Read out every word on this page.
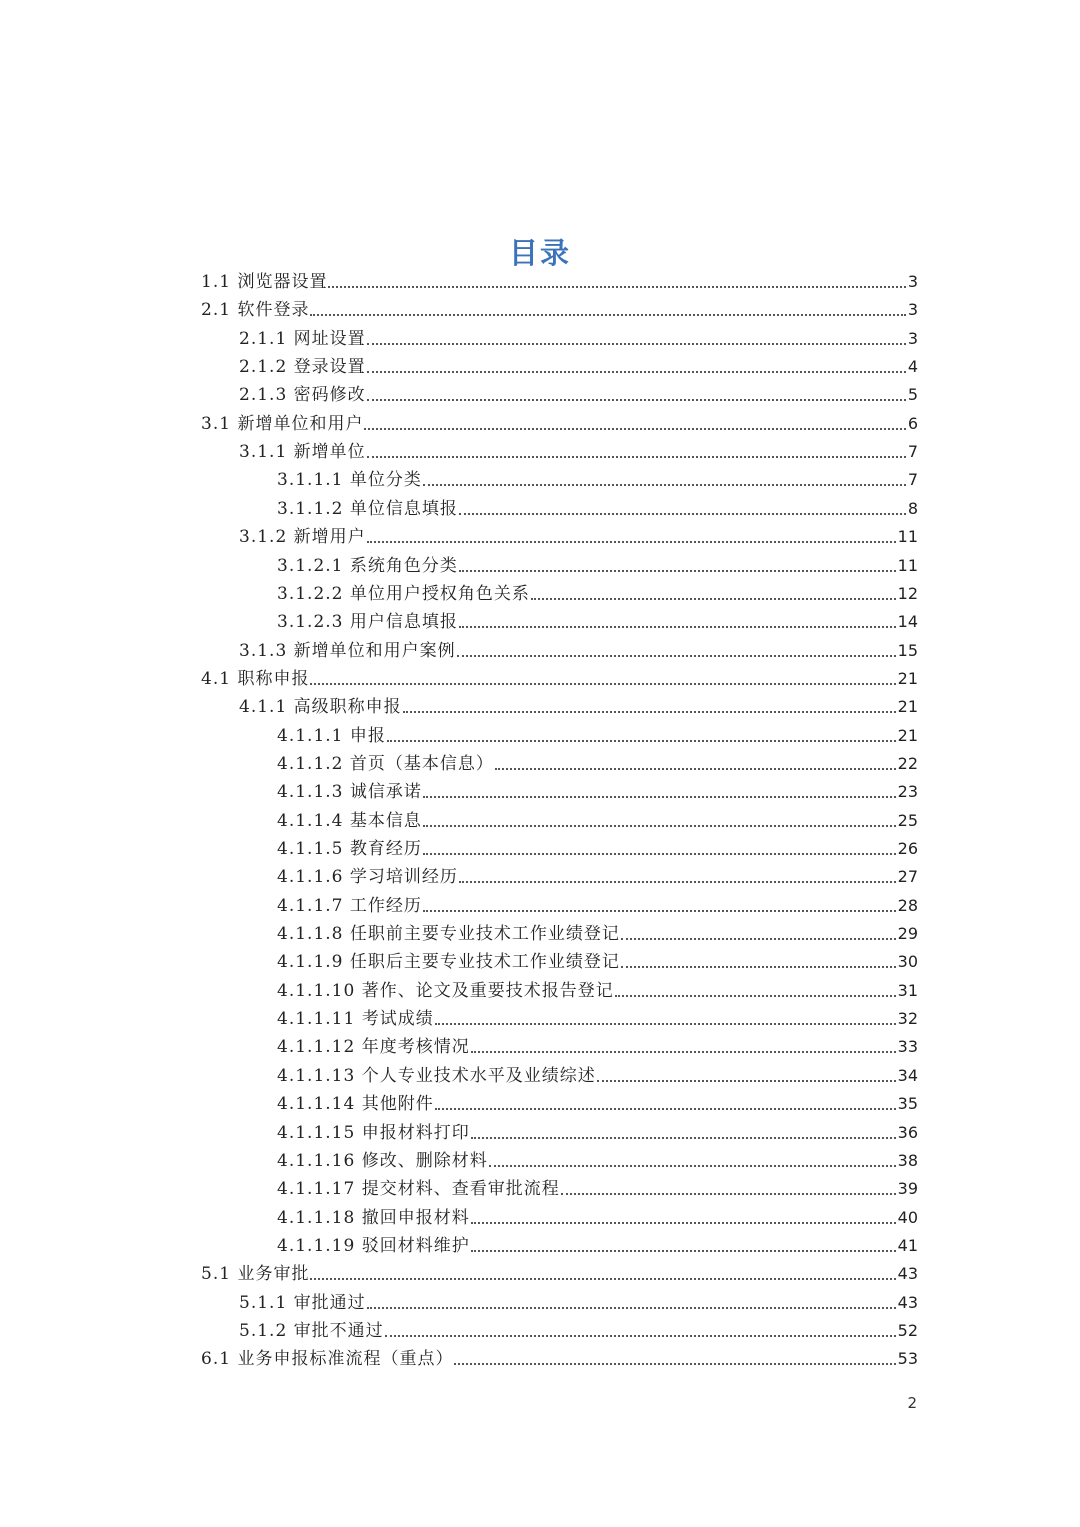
目录
1.1 浏览器设置	3
2.1 软件登录	3
2.1.1 网址设置	3
2.1.2 登录设置	4
2.1.3 密码修改	5
3.1 新增单位和用户	6
3.1.1 新增单位	7
3.1.1.1 单位分类	7
3.1.1.2 单位信息填报	8
3.1.2 新增用户	11
3.1.2.1 系统角色分类	11
3.1.2.2 单位用户授权角色关系	12
3.1.2.3 用户信息填报	14
3.1.3 新增单位和用户案例	15
4.1 职称申报	21
4.1.1 高级职称申报	21
4.1.1.1 申报	21
4.1.1.2 首页（基本信息）	22
4.1.1.3 诚信承诺	23
4.1.1.4 基本信息	25
4.1.1.5 教育经历	26
4.1.1.6 学习培训经历	27
4.1.1.7 工作经历	28
4.1.1.8 任职前主要专业技术工作业绩登记	29
4.1.1.9 任职后主要专业技术工作业绩登记	30
4.1.1.10 著作、论文及重要技术报告登记	31
4.1.1.11 考试成绩	32
4.1.1.12 年度考核情况	33
4.1.1.13 个人专业技术水平及业绩综述	34
4.1.1.14 其他附件	35
4.1.1.15 申报材料打印	36
4.1.1.16 修改、删除材料	38
4.1.1.17 提交材料、查看审批流程	39
4.1.1.18 撤回申报材料	40
4.1.1.19 驳回材料维护	41
5.1 业务审批	43
5.1.1 审批通过	43
5.1.2 审批不通过	52
6.1 业务申报标准流程（重点）	53
2
